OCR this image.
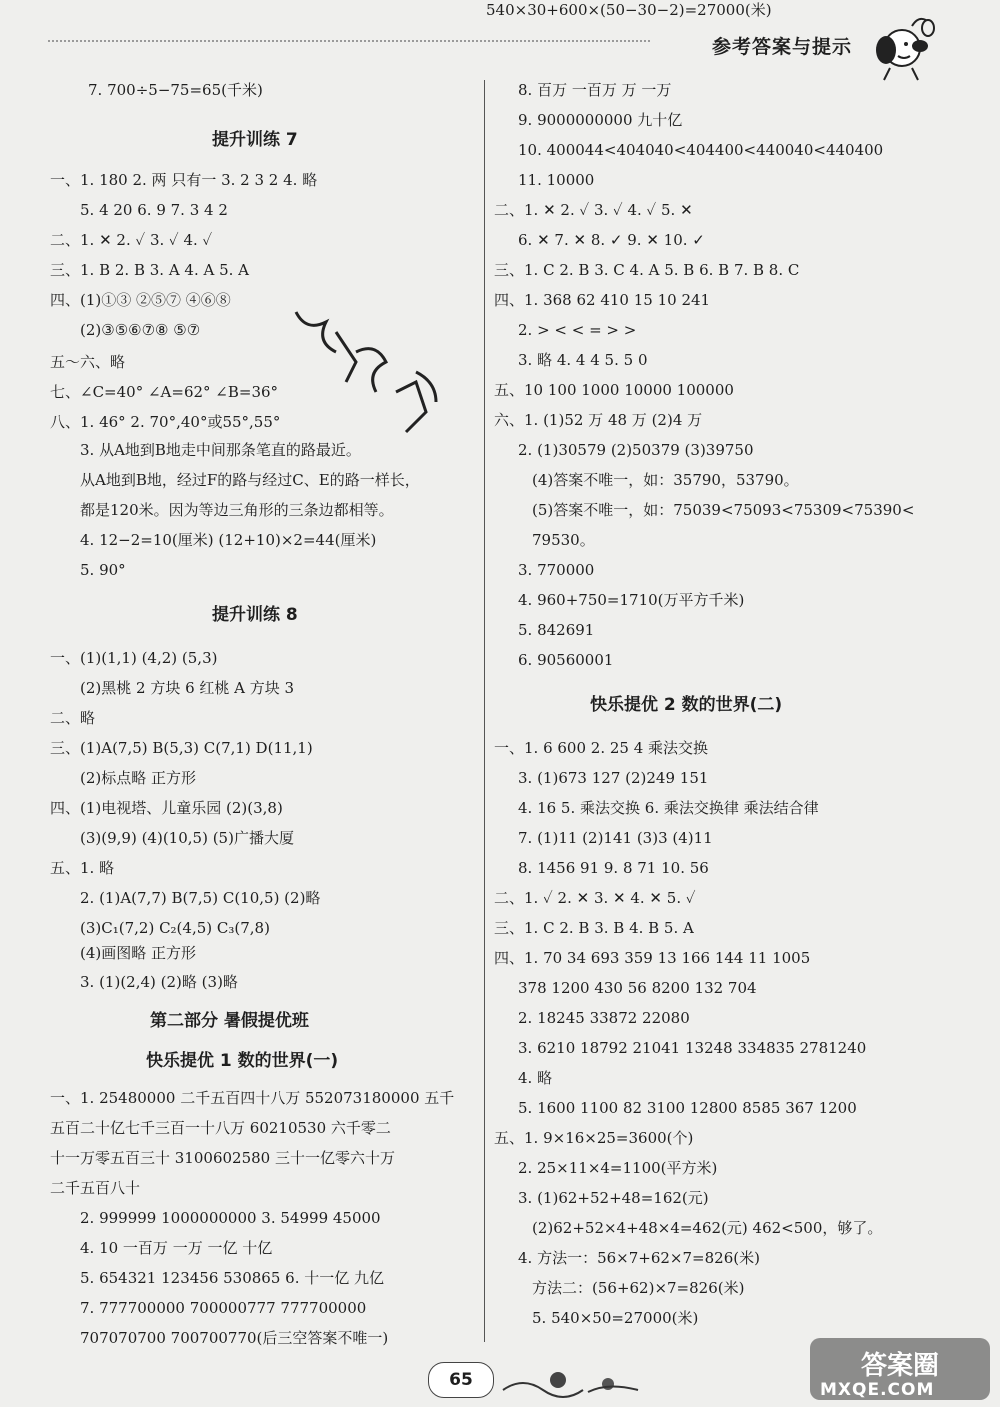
参考答案与提示
7. 700÷5−75=65(千米)
提升训练 7
一、1. 180 2. 两 只有一 3. 2 3 2 4. 略
5. 4 20 6. 9 7. 3 4 2
二、1. ✕ 2. ✓ 3. ✓ 4. ✓
三、1. B 2. B 3. A 4. A 5. A
四、(1)①③ ②⑤⑦ ④⑥⑧
(2)③⑤⑥⑦⑧ ⑤⑦
五～六、略
七、∠C=40° ∠A=62° ∠B=36°
八、1. 46° 2. 70°,40°或55°,55°
3. 从A地到B地走中间那条笔直的路最近。
从A地到B地，经过F的路与经过C、E的路一样长，
都是120米。因为等边三角形的三条边都相等。
4. 12−2=10(厘米) (12+10)×2=44(厘米)
5. 90°
提升训练 8
一、(1)(1,1) (4,2) (5,3)
(2)黑桃 2 方块 6 红桃 A 方块 3
二、略
三、(1)A(7,5) B(5,3) C(7,1) D(11,1)
(2)标点略 正方形
四、(1)电视塔、儿童乐园 (2)(3,8)
(3)(9,9) (4)(10,5) (5)广播大厦
五、1. 略
2. (1)A(7,7) B(7,5) C(10,5) (2)略
(3)C₁(7,2) C₂(4,5) C₃(7,8)
(4)画图略 正方形
3. (1)(2,4) (2)略 (3)略
第二部分 暑假提优班
快乐提优 1 数的世界(一)
一、1. 25480000 二千五百四十八万 552073180000 五千
五百二十亿七千三百一十八万 60210530 六千零二
十一万零五百三十 3100602580 三十一亿零六十万
二千五百八十
2. 999999 1000000000 3. 54999 45000
4. 10 一百万 一万 一亿 十亿
5. 654321 123456 530865 6. 十一亿 九亿
7. 777700000 700000777 777700000
707070700 700700770(后三空答案不唯一)
8. 百万 一百万 万 一万
9. 9000000000 九十亿
10. 400044<404040<404400<440040<440400
11. 10000
二、1. ✕ 2. ✓ 3. ✓ 4. ✓ 5. ✕
6. ✕ 7. ✕ 8. ✓ 9. ✕ 10. ✓
三、1. C 2. B 3. C 4. A 5. B 6. B 7. B 8. C
四、1. 368 62 410 15 10 241
2. > < < = > >
3. 略 4. 4 4 5. 5 0
五、10 100 1000 10000 100000
六、1. (1)52 万 48 万 (2)4 万
2. (1)30579 (2)50379 (3)39750
(4)答案不唯一，如：35790，53790。
(5)答案不唯一，如：75039<75093<75309<75390<
79530。
3. 770000
4. 960+750=1710(万平方千米)
5. 842691
6. 90560001
快乐提优 2 数的世界(二)
一、1. 6 600 2. 25 4 乘法交换
3. (1)673 127 (2)249 151
4. 16 5. 乘法交换 6. 乘法交换律 乘法结合律
7. (1)11 (2)141 (3)3 (4)11
8. 1456 91 9. 8 71 10. 56
二、1. ✓ 2. ✕ 3. ✕ 4. ✕ 5. ✓
三、1. C 2. B 3. B 4. B 5. A
四、1. 70 34 693 359 13 166 144 11 1005
378 1200 430 56 8200 132 704
2. 18245 33872 22080
3. 6210 18792 21041 13248 334835 2781240
4. 略
5. 1600 1100 82 3100 12800 8585 367 1200
五、1. 9×16×25=3600(个)
2. 25×11×4=1100(平方米)
3. (1)62+52+48=162(元)
(2)62+52×4+48×4=462(元) 462<500，够了。
4. 方法一：56×7+62×7=826(米)
方法二：(56+62)×7=826(米)
5. 540×50=27000(米)
540×30+600×(50−30−2)=27000(米)
65	答案圈
MXQE.COM
